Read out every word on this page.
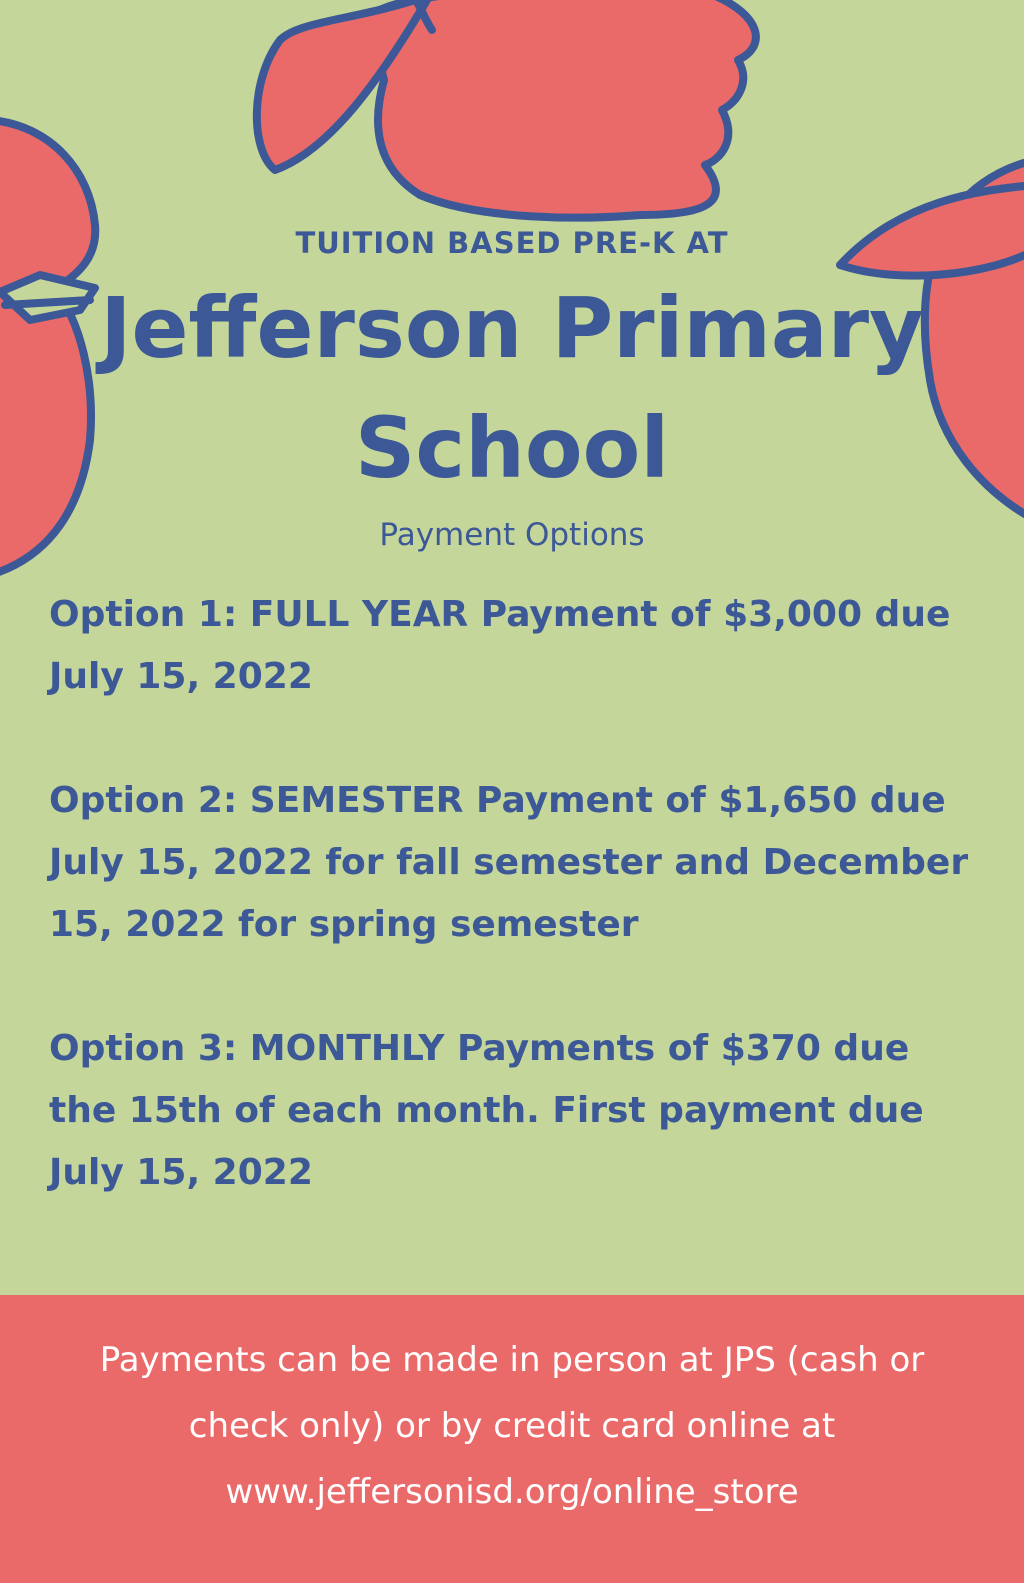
TUITION BASED PRE-K AT
Jefferson Primary School
Payment Options

Option 1: FULL YEAR Payment of $3,000 due July 15, 2022

Option 2: SEMESTER Payment of $1,650 due July 15, 2022 for fall semester and December 15, 2022 for spring semester

Option 3: MONTHLY Payments of $370 due the 15th of each month. First payment due July 15, 2022

Payments can be made in person at JPS (cash or check only) or by credit card online at www.jeffersonisd.org/online_store
